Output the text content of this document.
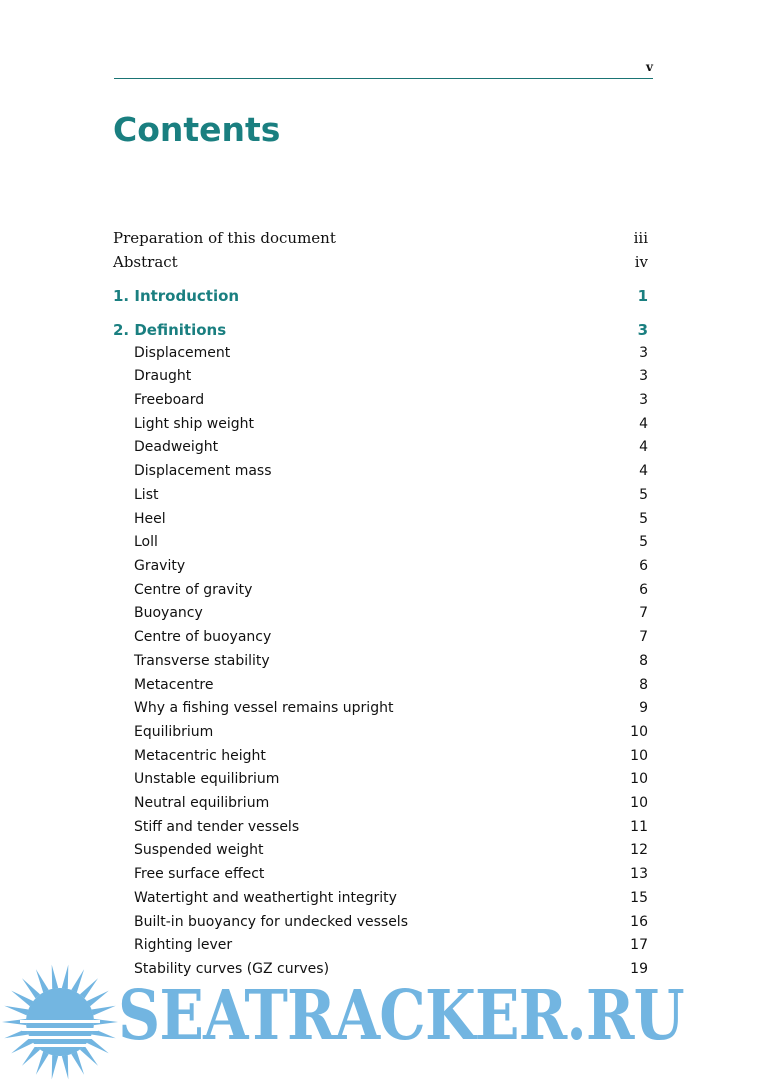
v
Contents
Preparation of this document	iii
Abstract	iv
1. Introduction	1
2. Definitions	3
Displacement	3
Draught	3
Freeboard	3
Light ship weight	4
Deadweight	4
Displacement mass	4
List	5
Heel	5
Loll	5
Gravity	6
Centre of gravity	6
Buoyancy	7
Centre of buoyancy	7
Transverse stability	8
Metacentre	8
Why a fishing vessel remains upright	9
Equilibrium	10
Metacentric height	10
Unstable equilibrium	10
Neutral equilibrium	10
Stiff and tender vessels	11
Suspended weight	12
Free surface effect	13
Watertight and weathertight integrity	15
Built-in buoyancy for undecked vessels	16
Righting lever	17
Stability curves (GZ curves)	19
SEATRACKER.RU
